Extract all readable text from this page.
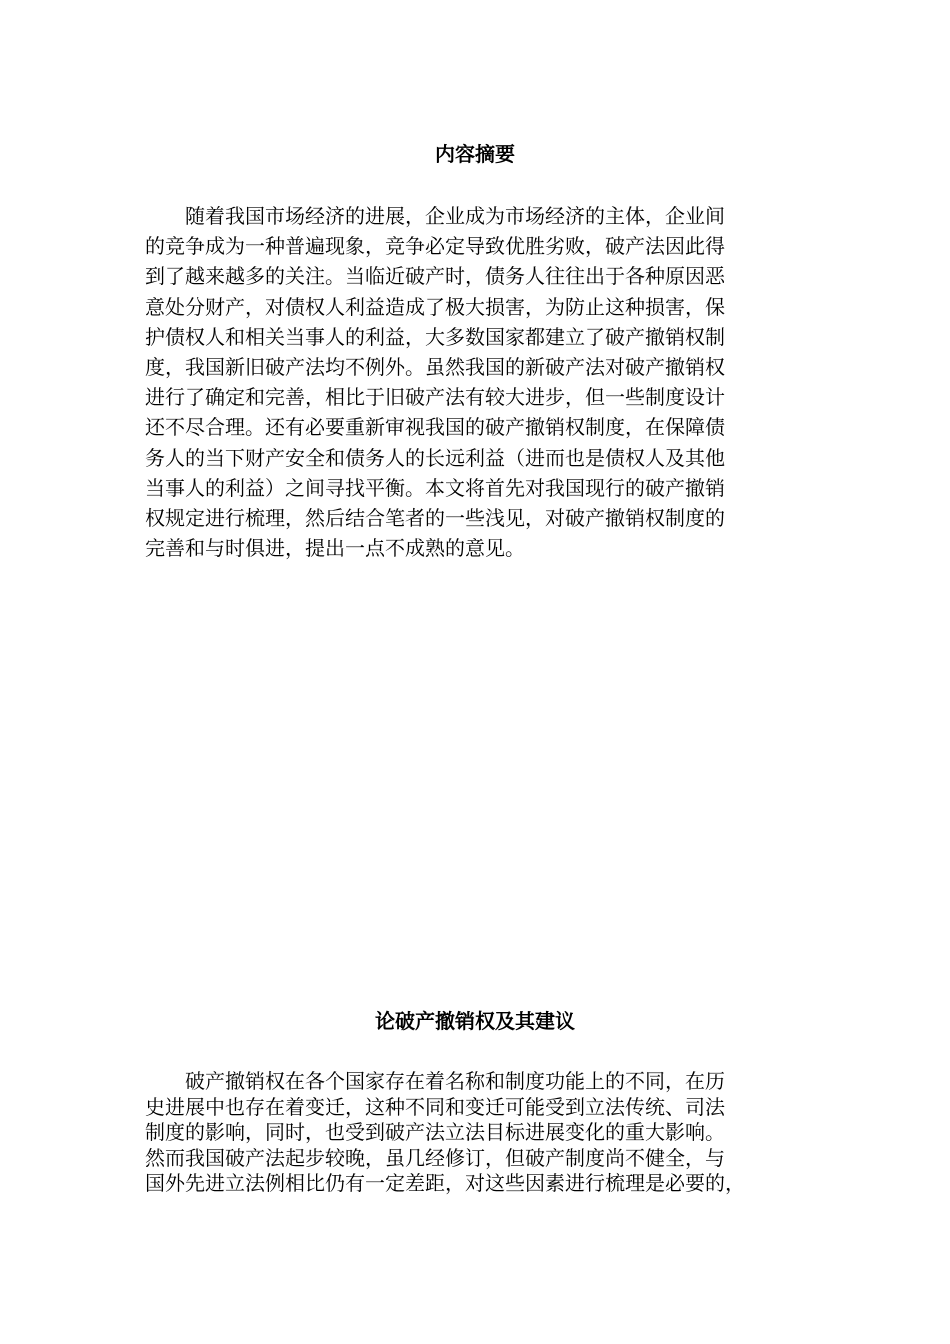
内容摘要
随着我国市场经济的进展，企业成为市场经济的主体，企业间
的竞争成为一种普遍现象，竞争必定导致优胜劣败，破产法因此得
到了越来越多的关注。当临近破产时，债务人往往出于各种原因恶
意处分财产，对债权人利益造成了极大损害，为防止这种损害，保
护债权人和相关当事人的利益，大多数国家都建立了破产撤销权制
度，我国新旧破产法均不例外。虽然我国的新破产法对破产撤销权
进行了确定和完善，相比于旧破产法有较大进步，但一些制度设计
还不尽合理。还有必要重新审视我国的破产撤销权制度，在保障债
务人的当下财产安全和债务人的长远利益（进而也是债权人及其他
当事人的利益）之间寻找平衡。本文将首先对我国现行的破产撤销
权规定进行梳理，然后结合笔者的一些浅见，对破产撤销权制度的
完善和与时俱进，提出一点不成熟的意见。
论破产撤销权及其建议
破产撤销权在各个国家存在着名称和制度功能上的不同，在历
史进展中也存在着变迁，这种不同和变迁可能受到立法传统、司法
制度的影响，同时，也受到破产法立法目标进展变化的重大影响。
然而我国破产法起步较晚，虽几经修订，但破产制度尚不健全，与
国外先进立法例相比仍有一定差距，对这些因素进行梳理是必要的，
